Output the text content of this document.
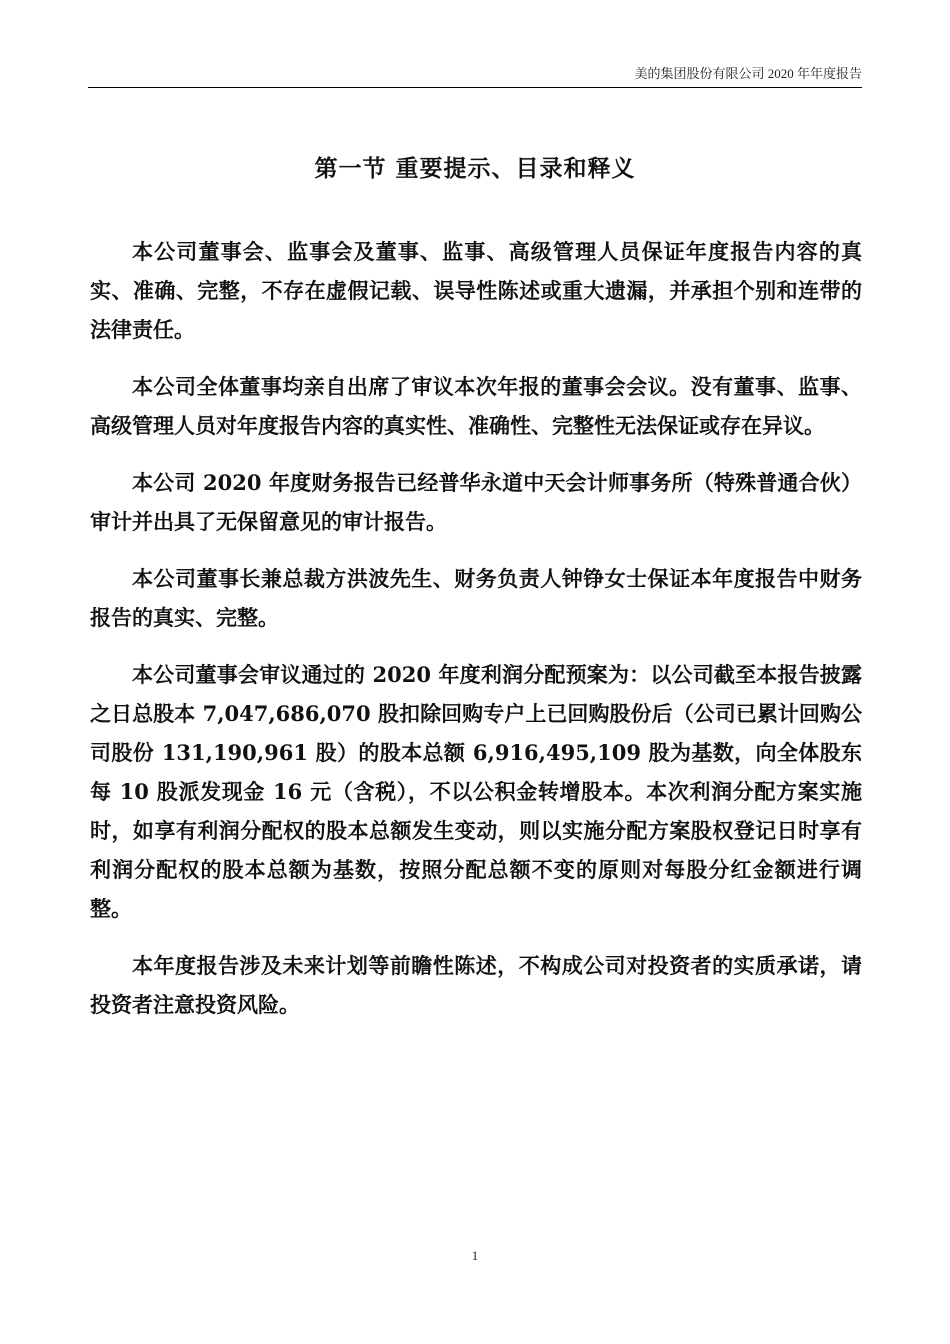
美的集团股份有限公司 2020 年年度报告
第一节 重要提示、目录和释义

本公司董事会、监事会及董事、监事、高级管理人员保证年度报告内容的真实、准确、完整，不存在虚假记载、误导性陈述或重大遗漏，并承担个别和连带的法律责任。

本公司全体董事均亲自出席了审议本次年报的董事会会议。没有董事、监事、高级管理人员对年度报告内容的真实性、准确性、完整性无法保证或存在异议。

本公司 2020 年度财务报告已经普华永道中天会计师事务所（特殊普通合伙）审计并出具了无保留意见的审计报告。

本公司董事长兼总裁方洪波先生、财务负责人钟铮女士保证本年度报告中财务报告的真实、完整。

本公司董事会审议通过的 2020 年度利润分配预案为：以公司截至本报告披露之日总股本 7,047,686,070 股扣除回购专户上已回购股份后（公司已累计回购公司股份 131,190,961 股）的股本总额 6,916,495,109 股为基数，向全体股东每 10 股派发现金 16 元（含税），不以公积金转增股本。本次利润分配方案实施时，如享有利润分配权的股本总额发生变动，则以实施分配方案股权登记日时享有利润分配权的股本总额为基数，按照分配总额不变的原则对每股分红金额进行调整。

本年度报告涉及未来计划等前瞻性陈述，不构成公司对投资者的实质承诺，请投资者注意投资风险。

1
